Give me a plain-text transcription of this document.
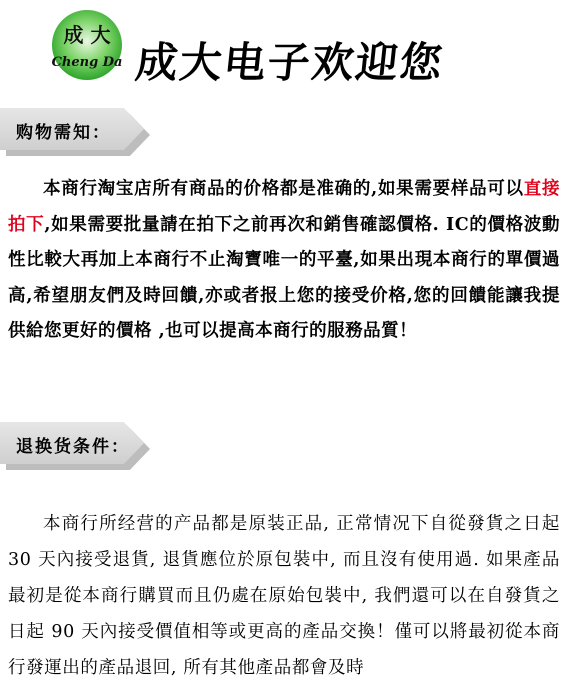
成 大
Cheng Da 成大电子欢迎您
购物需知：
本商行淘宝店所有商品的价格都是准确的,如果需要样品可以直接拍下,如果需要批量請在拍下之前再次和銷售確認價格. IC的價格波動性比較大再加上本商行不止淘寶唯一的平臺,如果出現本商行的單價過高,希望朋友們及時回饋,亦或者报上您的接受价格,您的回饋能讓我提供給您更好的價格 ,也可以提高本商行的服務品質！
退换货条件：
本商行所经营的产品都是原装正品, 正常情况下自從發貨之日起 30 天內接受退貨, 退貨應位於原包裝中, 而且沒有使用過. 如果產品最初是從本商行購買而且仍處在原始包裝中, 我們還可以在自發貨之日起 90 天內接受價值相等或更高的產品交換！僅可以將最初從本商行發運出的產品退回, 所有其他產品都會及時
